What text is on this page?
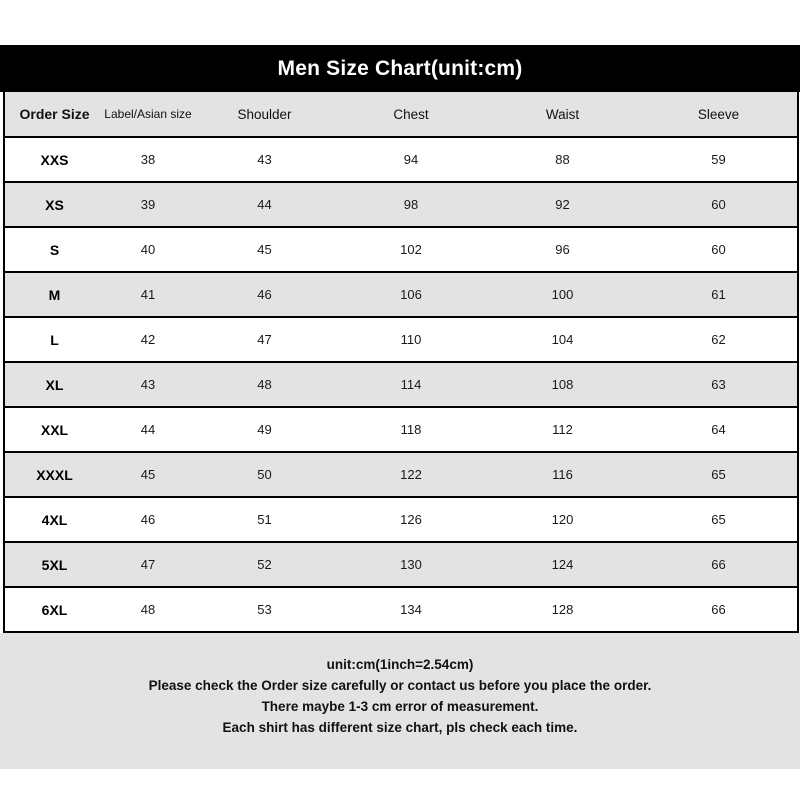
Men Size Chart(unit:cm)
Order Size	Label/Asian size	Shoulder	Chest	Waist	Sleeve
XXS	38	43	94	88	59
XS	39	44	98	92	60
S	40	45	102	96	60
M	41	46	106	100	61
L	42	47	110	104	62
XL	43	48	114	108	63
XXL	44	49	118	112	64
XXXL	45	50	122	116	65
4XL	46	51	126	120	65
5XL	47	52	130	124	66
6XL	48	53	134	128	66
unit:cm(1inch=2.54cm)
Please check the Order size carefully or contact us before you place the order.
There maybe 1-3 cm error of measurement.
Each shirt has different size chart, pls check each time.
